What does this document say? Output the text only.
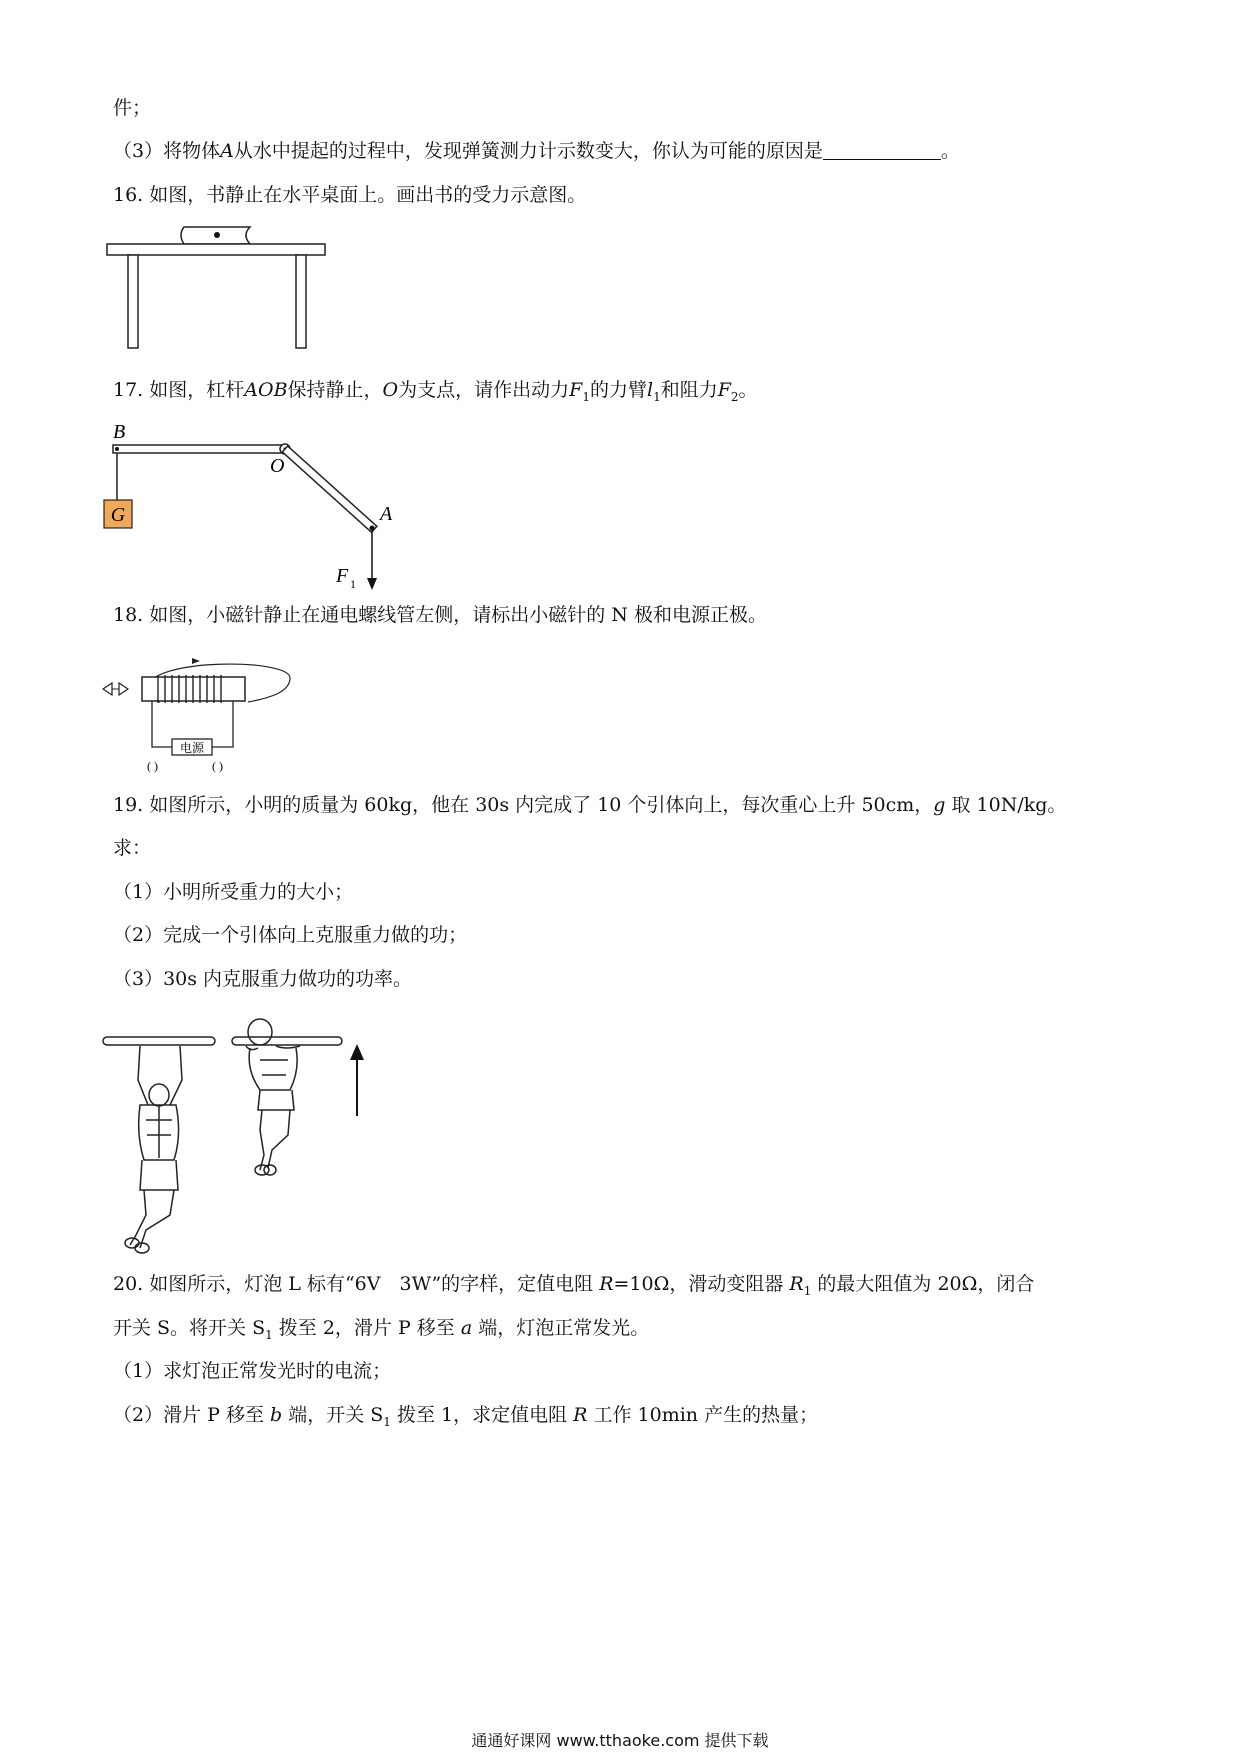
件；
（3）将物体A从水中提起的过程中，发现弹簧测力计示数变大，你认为可能的原因是	。
16. 如图，书静止在水平桌面上。画出书的受力示意图。
17. 如图，杠杆AOB保持静止，O为支点，请作出动力$F_1$的力臂$l_1$和阻力$F_2$。
G
B
O
A
F 1
18. 如图，小磁针静止在通电螺线管左侧，请标出小磁针的 N 极和电源正极。
电源
( )	( )
19. 如图所示，小明的质量为 60kg，他在 30s 内完成了 10 个引体向上，每次重心上升 50cm，g 取 10N/kg。
求：
（1）小明所受重力的大小；
（2）完成一个引体向上克服重力做的功；
（3）30s 内克服重力做功的功率。
20. 如图所示，灯泡 L 标有“6V　3W”的字样，定值电阻 R=10Ω，滑动变阻器 $R_1$ 的最大阻值为 20Ω，闭合
开关 S。将开关 $S_1$ 拨至 2，滑片 P 移至 a 端，灯泡正常发光。
（1）求灯泡正常发光时的电流；
（2）滑片 P 移至 b 端，开关 $S_1$ 拨至 1，求定值电阻 R 工作 10min 产生的热量；
通通好课网 www.tthaoke.com 提供下载
